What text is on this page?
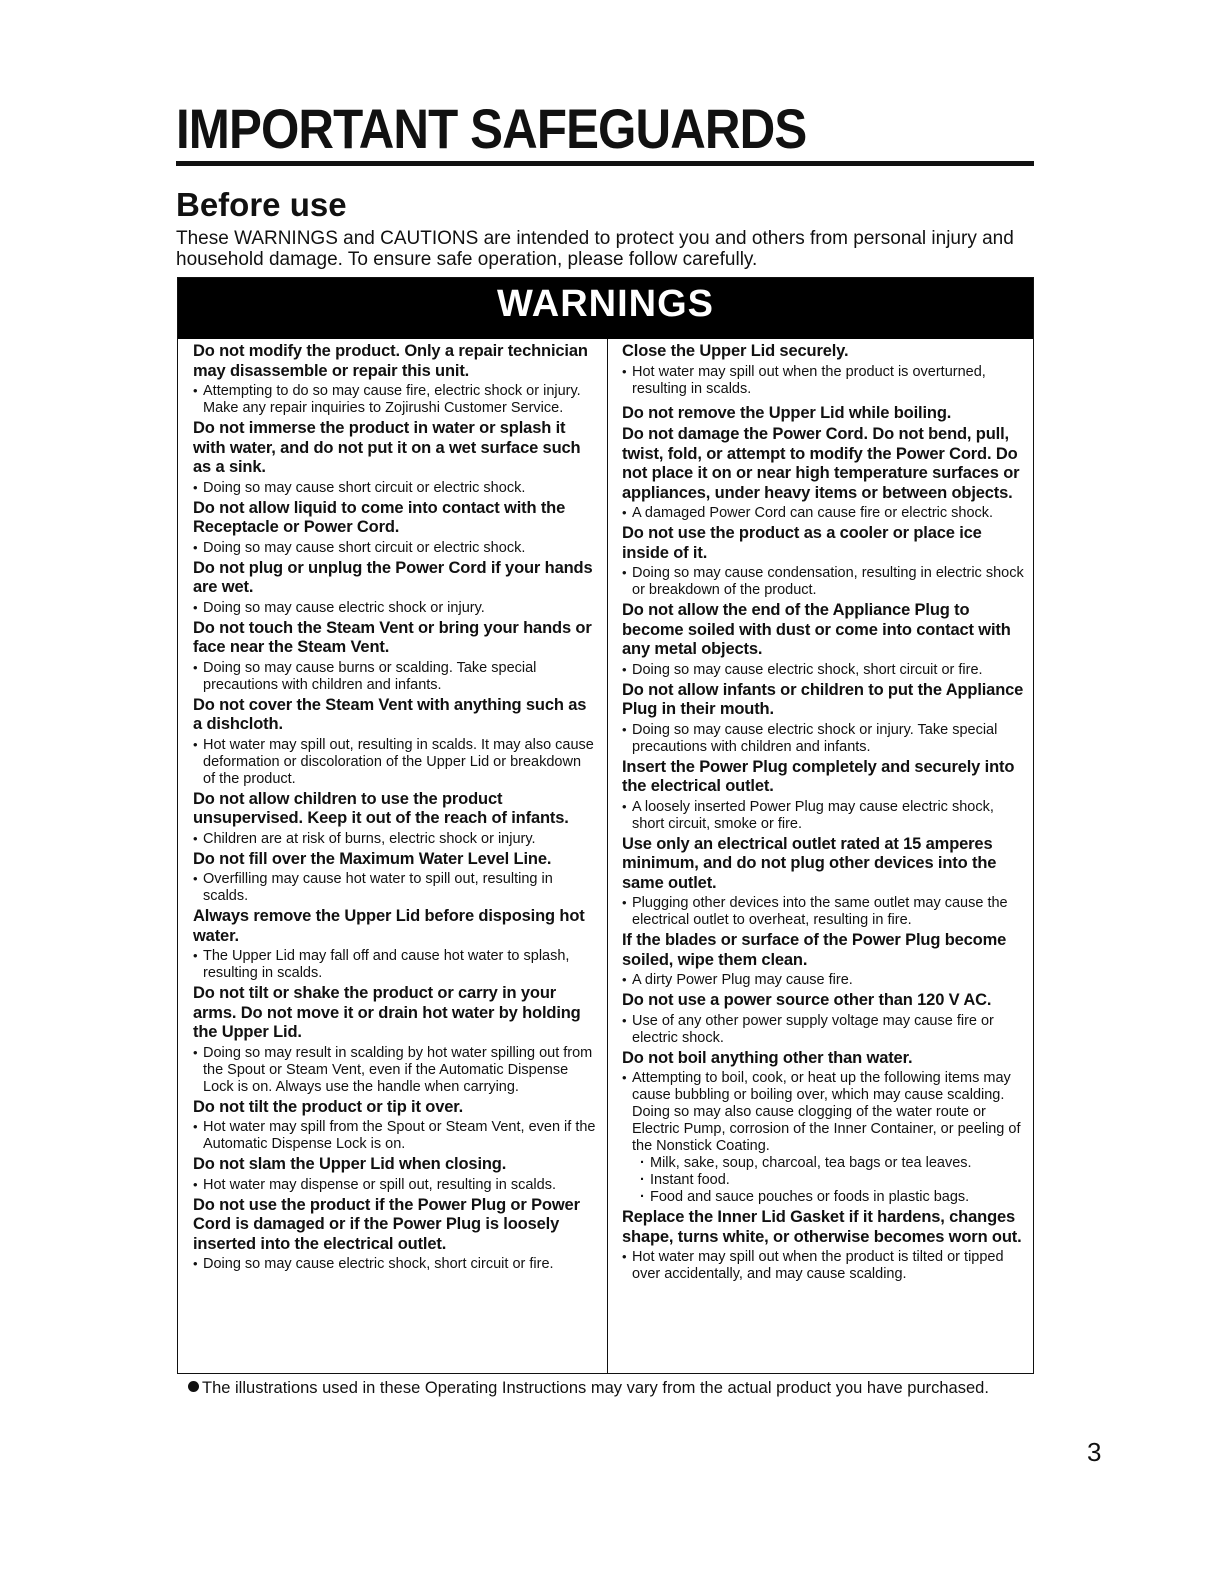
IMPORTANT SAFEGUARDS
Before use

These WARNINGS and CAUTIONS are intended to protect you and others from personal injury and household damage. To ensure safe operation, please follow carefully.

WARNINGS

Do not modify the product. Only a repair technician may disassemble or repair this unit.

• Attempting to do so may cause fire, electric shock or injury. Make any repair inquiries to Zojirushi Customer Service.

Do not immerse the product in water or splash it with water, and do not put it on a wet surface such as a sink.

• Doing so may cause short circuit or electric shock.

Do not allow liquid to come into contact with the Receptacle or Power Cord.

• Doing so may cause short circuit or electric shock.

Do not plug or unplug the Power Cord if your hands are wet.

• Doing so may cause electric shock or injury.

Do not touch the Steam Vent or bring your hands or face near the Steam Vent.

• Doing so may cause burns or scalding. Take special precautions with children and infants.

Do not cover the Steam Vent with anything such as a dishcloth.

• Hot water may spill out, resulting in scalds. It may also cause deformation or discoloration of the Upper Lid or breakdown of the product.

Do not allow children to use the product unsupervised. Keep it out of the reach of infants.

• Children are at risk of burns, electric shock or injury.

Do not fill over the Maximum Water Level Line.

• Overfilling may cause hot water to spill out, resulting in scalds.

Always remove the Upper Lid before disposing hot water.

• The Upper Lid may fall off and cause hot water to splash, resulting in scalds.

Do not tilt or shake the product or carry in your arms. Do not move it or drain hot water by holding the Upper Lid.

• Doing so may result in scalding by hot water spilling out from the Spout or Steam Vent, even if the Automatic Dispense Lock is on. Always use the handle when carrying.

Do not tilt the product or tip it over.

• Hot water may spill from the Spout or Steam Vent, even if the Automatic Dispense Lock is on.

Do not slam the Upper Lid when closing.

• Hot water may dispense or spill out, resulting in scalds.

Do not use the product if the Power Plug or Power Cord is damaged or if the Power Plug is loosely inserted into the electrical outlet.

• Doing so may cause electric shock, short circuit or fire.

Close the Upper Lid securely.

• Hot water may spill out when the product is overturned, resulting in scalds.

Do not remove the Upper Lid while boiling.

Do not damage the Power Cord. Do not bend, pull, twist, fold, or attempt to modify the Power Cord. Do not place it on or near high temperature surfaces or appliances, under heavy items or between objects.

• A damaged Power Cord can cause fire or electric shock.

Do not use the product as a cooler or place ice inside of it.

• Doing so may cause condensation, resulting in electric shock or breakdown of the product.

Do not allow the end of the Appliance Plug to become soiled with dust or come into contact with any metal objects.

• Doing so may cause electric shock, short circuit or fire.

Do not allow infants or children to put the Appliance Plug in their mouth.

• Doing so may cause electric shock or injury. Take special precautions with children and infants.

Insert the Power Plug completely and securely into the electrical outlet.

• A loosely inserted Power Plug may cause electric shock, short circuit, smoke or fire.

Use only an electrical outlet rated at 15 amperes minimum, and do not plug other devices into the same outlet.

• Plugging other devices into the same outlet may cause the electrical outlet to overheat, resulting in fire.

If the blades or surface of the Power Plug become soiled, wipe them clean.

• A dirty Power Plug may cause fire.

Do not use a power source other than 120 V AC.

• Use of any other power supply voltage may cause fire or electric shock.

Do not boil anything other than water.

• Attempting to boil, cook, or heat up the following items may cause bubbling or boiling over, which may cause scalding. Doing so may also cause clogging of the water route or Electric Pump, corrosion of the Inner Container, or peeling of the Nonstick Coating.

· Milk, sake, soup, charcoal, tea bags or tea leaves.

· Instant food.

· Food and sauce pouches or foods in plastic bags.

Replace the Inner Lid Gasket if it hardens, changes shape, turns white, or otherwise becomes worn out.

• Hot water may spill out when the product is tilted or tipped over accidentally, and may cause scalding.

The illustrations used in these Operating Instructions may vary from the actual product you have purchased.

3
